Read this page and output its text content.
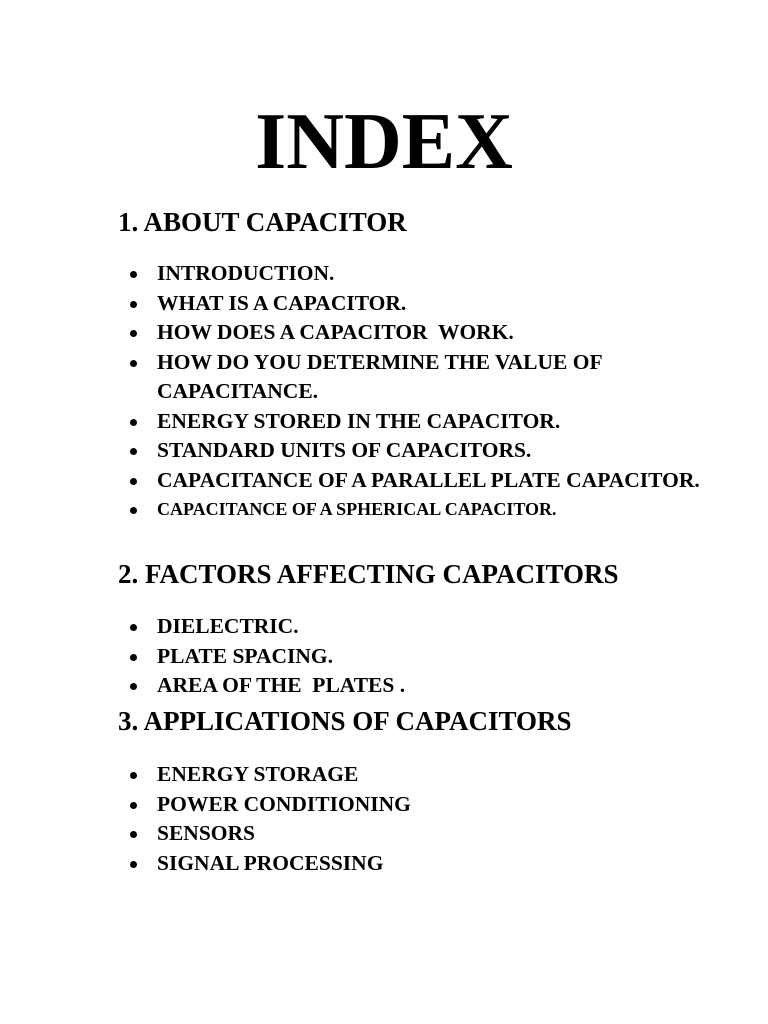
INDEX
1. ABOUT CAPACITOR
INTRODUCTION.
WHAT IS A CAPACITOR.
HOW DOES A CAPACITOR  WORK.
HOW DO YOU DETERMINE THE VALUE OF CAPACITANCE.
ENERGY STORED IN THE CAPACITOR.
STANDARD UNITS OF CAPACITORS.
CAPACITANCE OF A PARALLEL PLATE CAPACITOR.
CAPACITANCE OF A SPHERICAL CAPACITOR.
2. FACTORS AFFECTING CAPACITORS
DIELECTRIC.
PLATE SPACING.
AREA OF THE  PLATES .
3. APPLICATIONS OF CAPACITORS
ENERGY STORAGE
POWER CONDITIONING
SENSORS
SIGNAL PROCESSING
